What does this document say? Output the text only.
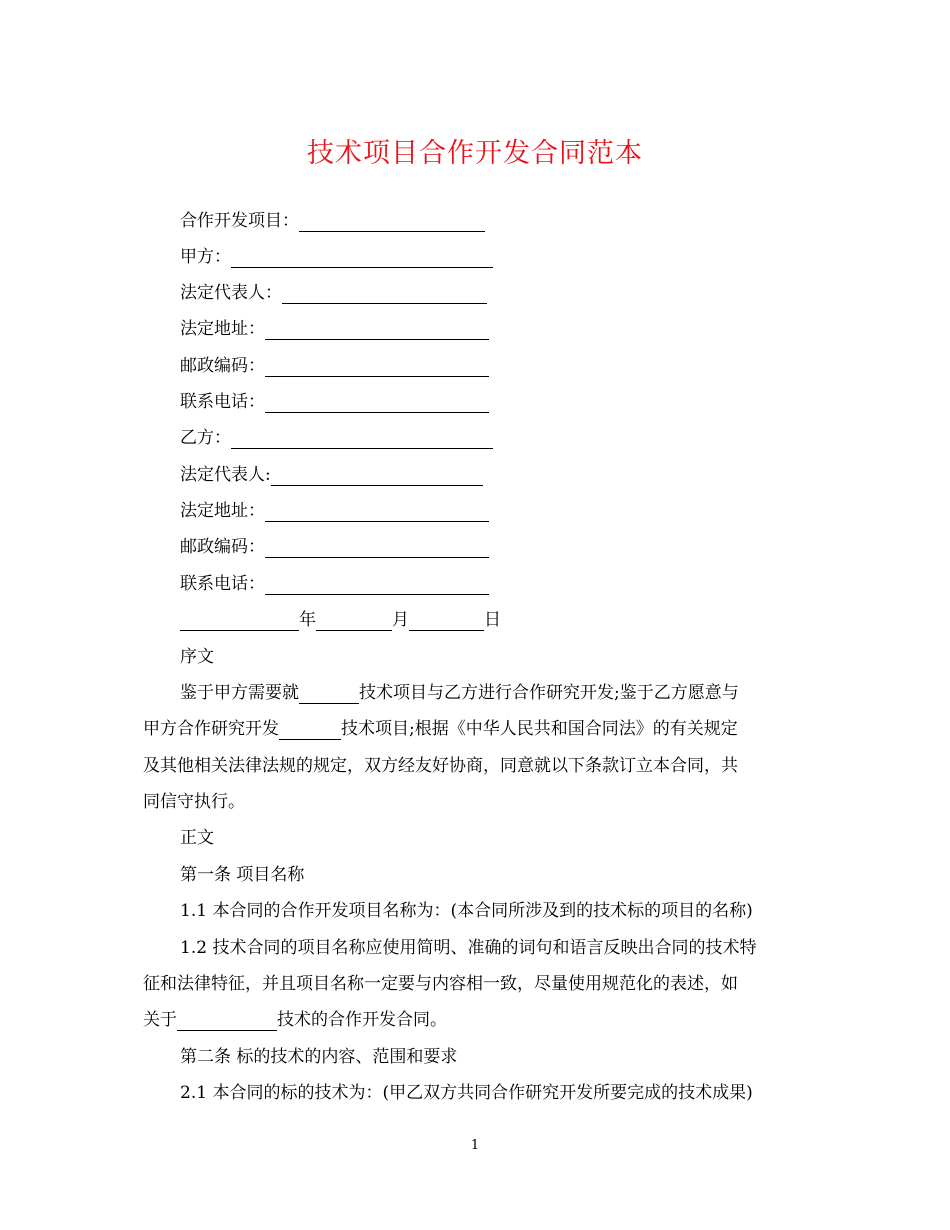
技术项目合作开发合同范本
合作开发项目：
甲方：
法定代表人：
法定地址：
邮政编码：
联系电话：
乙方：
法定代表人:
法定地址：
邮政编码：
联系电话：
年	月	日
序文
鉴于甲方需要就	技术项目与乙方进行合作研究开发;鉴于乙方愿意与
甲方合作研究开发	技术项目;根据《中华人民共和国合同法》的有关规定
及其他相关法律法规的规定，双方经友好协商，同意就以下条款订立本合同，共
同信守执行。
正文
第一条 项目名称
1.1 本合同的合作开发项目名称为：(本合同所涉及到的技术标的项目的名称)
1.2 技术合同的项目名称应使用简明、准确的词句和语言反映出合同的技术特
征和法律特征，并且项目名称一定要与内容相一致，尽量使用规范化的表述，如
关于	技术的合作开发合同。
第二条 标的技术的内容、范围和要求
2.1 本合同的标的技术为：(甲乙双方共同合作研究开发所要完成的技术成果)
1
